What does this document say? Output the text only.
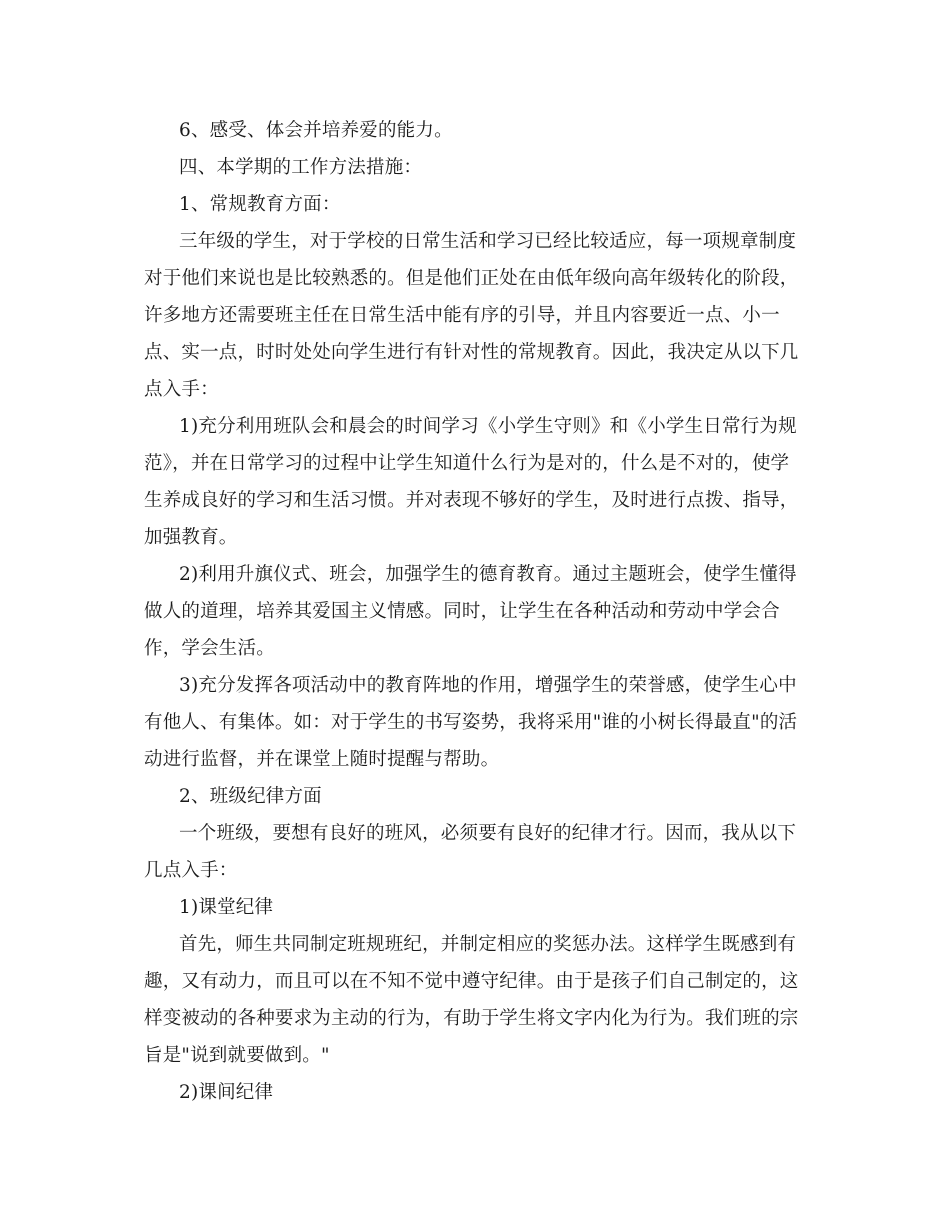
6、感受、体会并培养爱的能力。
四、本学期的工作方法措施：
1、常规教育方面：
三年级的学生，对于学校的日常生活和学习已经比较适应，每一项规章制度
对于他们来说也是比较熟悉的。但是他们正处在由低年级向高年级转化的阶段，
许多地方还需要班主任在日常生活中能有序的引导，并且内容要近一点、小一
点、实一点，时时处处向学生进行有针对性的常规教育。因此，我决定从以下几
点入手：
1)充分利用班队会和晨会的时间学习《小学生守则》和《小学生日常行为规
范》，并在日常学习的过程中让学生知道什么行为是对的，什么是不对的，使学
生养成良好的学习和生活习惯。并对表现不够好的学生，及时进行点拨、指导，
加强教育。
2)利用升旗仪式、班会，加强学生的德育教育。通过主题班会，使学生懂得
做人的道理，培养其爱国主义情感。同时，让学生在各种活动和劳动中学会合
作，学会生活。
3)充分发挥各项活动中的教育阵地的作用，增强学生的荣誉感，使学生心中
有他人、有集体。如：对于学生的书写姿势，我将采用"谁的小树长得最直"的活
动进行监督，并在课堂上随时提醒与帮助。
2、班级纪律方面
一个班级，要想有良好的班风，必须要有良好的纪律才行。因而，我从以下
几点入手：
1)课堂纪律
首先，师生共同制定班规班纪，并制定相应的奖惩办法。这样学生既感到有
趣，又有动力，而且可以在不知不觉中遵守纪律。由于是孩子们自己制定的，这
样变被动的各种要求为主动的行为，有助于学生将文字内化为行为。我们班的宗
旨是"说到就要做到。"
2)课间纪律
